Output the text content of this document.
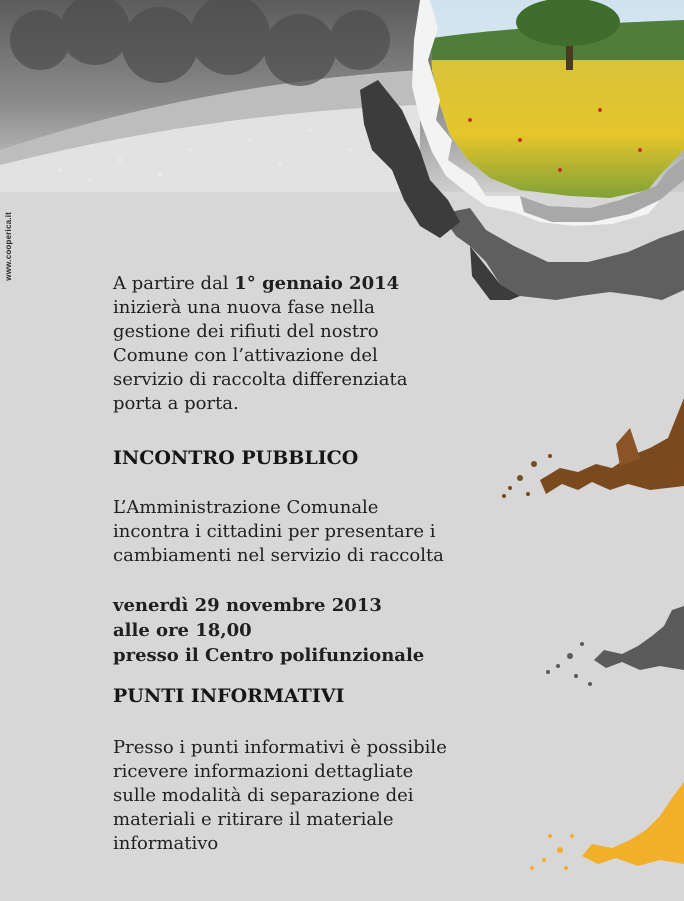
www.cooperica.it

A partire dal 1° gennaio 2014
inizierà una nuova fase nella
gestione dei rifiuti del nostro
Comune con l’attivazione del
servizio di raccolta differenziata
porta a porta.

INCONTRO PUBBLICO

L’Amministrazione Comunale
incontra i cittadini per presentare i
cambiamenti nel servizio di raccolta

venerdì 29 novembre 2013

alle ore 18,00

presso il Centro polifunzionale

PUNTI INFORMATIVI

Presso i punti informativi è possibile
ricevere informazioni dettagliate
sulle modalità di separazione dei
materiali e ritirare il materiale
informativo
